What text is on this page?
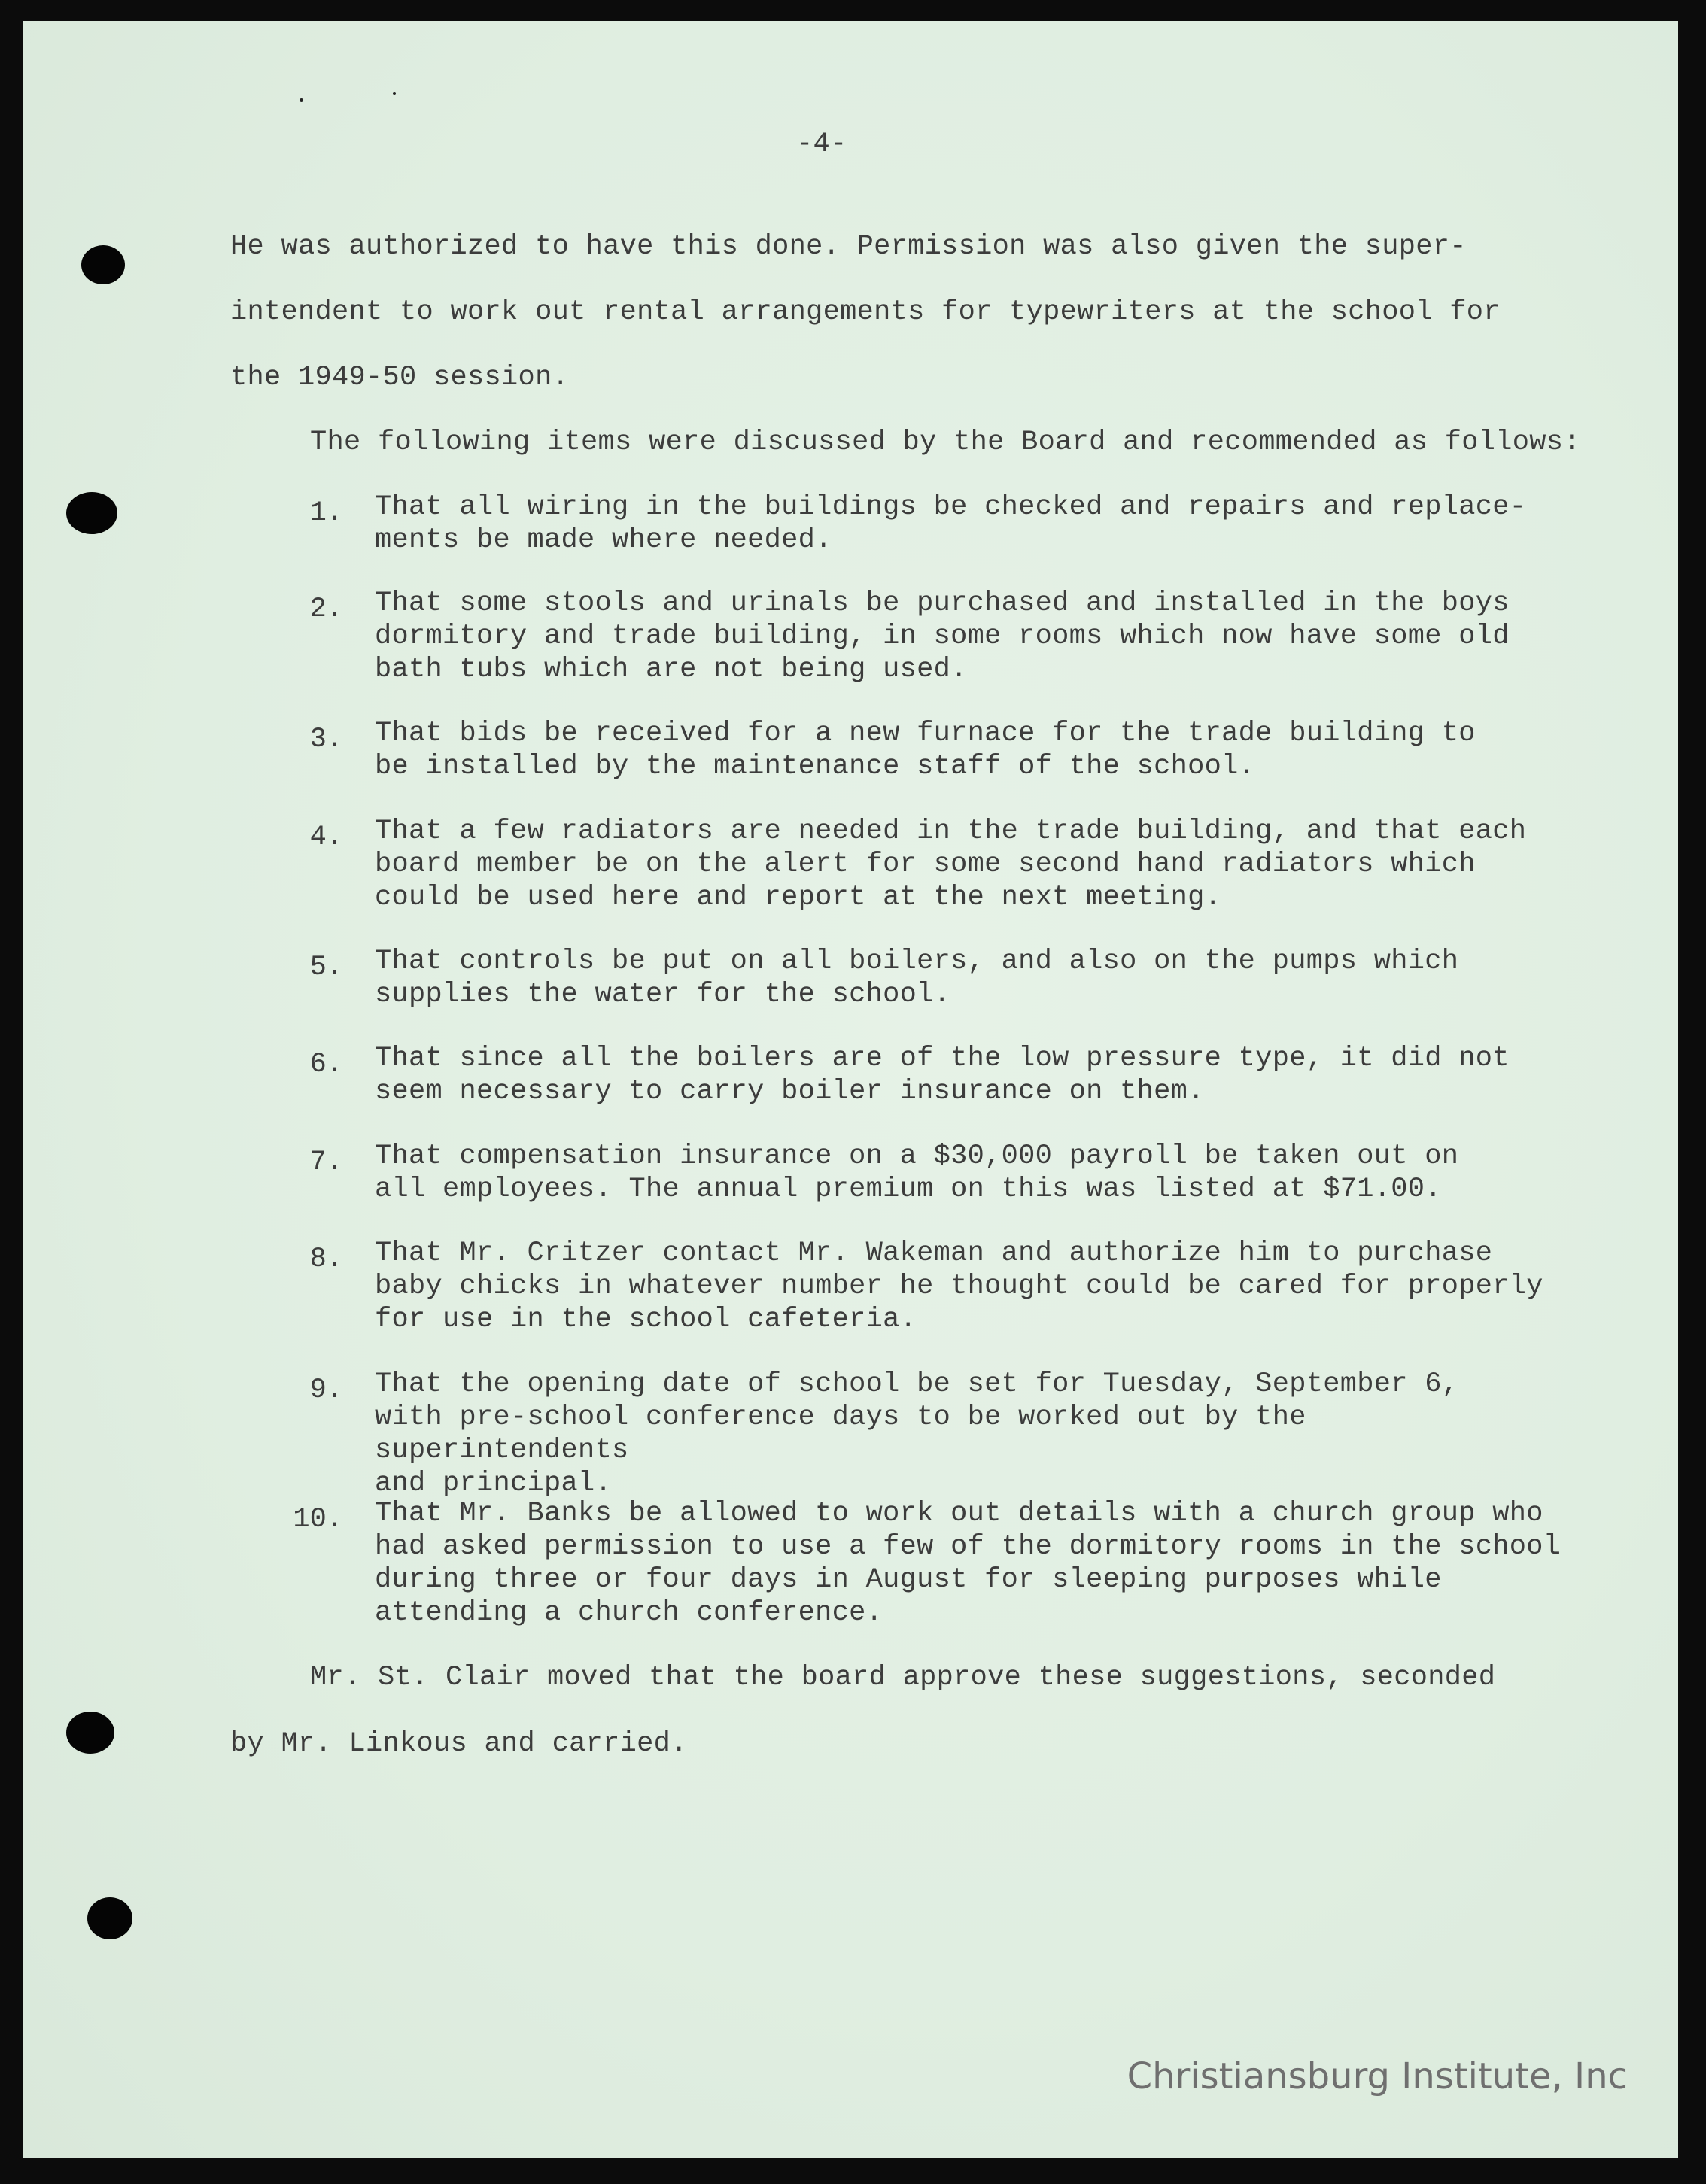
-4-
He was authorized to have this done. Permission was also given the super-
intendent to work out rental arrangements for typewriters at the school for
the 1949-50 session.
The following items were discussed by the Board and recommended as follows:
1. That all wiring in the buildings be checked and repairs and replace-
ments be made where needed.
2. That some stools and urinals be purchased and installed in the boys
dormitory and trade building, in some rooms which now have some old
bath tubs which are not being used.
3. That bids be received for a new furnace for the trade building to
be installed by the maintenance staff of the school.
4. That a few radiators are needed in the trade building, and that each
board member be on the alert for some second hand radiators which
could be used here and report at the next meeting.
5. That controls be put on all boilers, and also on the pumps which
supplies the water for the school.
6. That since all the boilers are of the low pressure type, it did not
seem necessary to carry boiler insurance on them.
7. That compensation insurance on a $30,000 payroll be taken out on
all employees. The annual premium on this was listed at $71.00.
8. That Mr. Critzer contact Mr. Wakeman and authorize him to purchase
baby chicks in whatever number he thought could be cared for properly
for use in the school cafeteria.
9. That the opening date of school be set for Tuesday, September 6,
with pre-school conference days to be worked out by the superintendents
and principal.
10. That Mr. Banks be allowed to work out details with a church group who
had asked permission to use a few of the dormitory rooms in the school
during three or four days in August for sleeping purposes while
attending a church conference.
Mr. St. Clair moved that the board approve these suggestions, seconded
by Mr. Linkous and carried.
Christiansburg Institute, Inc
